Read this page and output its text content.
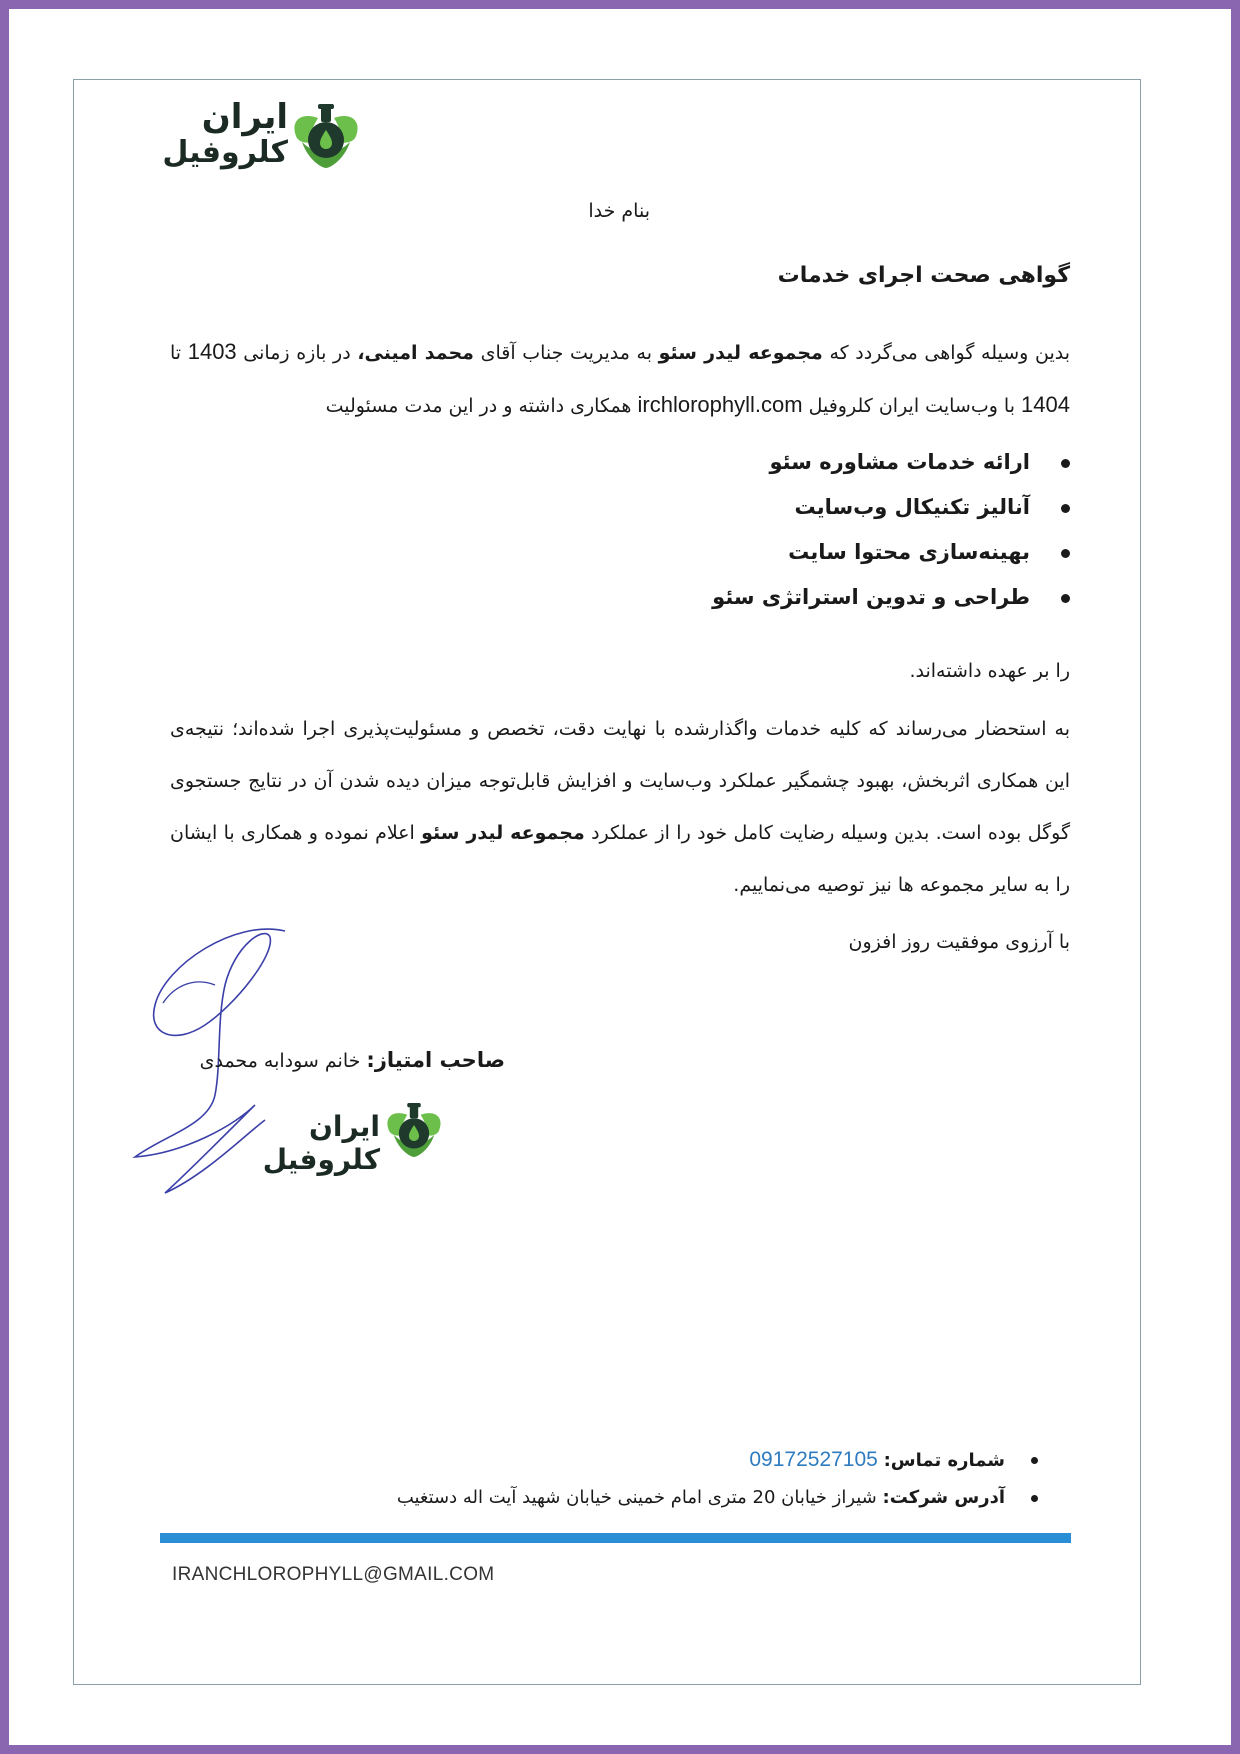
ایران
کلروفیل
بنام خدا
گواهی صحت اجرای خدمات
بدین وسیله گواهی می‌گردد که مجموعه لیدر سئو به مدیریت جناب آقای محمد امینی، در بازه زمانی 1403 تا 1404 با وب‌سایت ایران کلروفیل irchlorophyll.com همکاری داشته و در این مدت مسئولیت
ارائه خدمات مشاوره سئو
آنالیز تکنیکال وب‌سایت
بهینه‌سازی محتوا سایت
طراحی و تدوین استراتژی سئو
را بر عهده داشته‌اند.
به استحضار می‌رساند که کلیه خدمات واگذارشده با نهایت دقت، تخصص و مسئولیت‌پذیری اجرا شده‌اند؛ نتیجه‌ی این همکاری اثربخش، بهبود چشمگیر عملکرد وب‌سایت و افزایش قابل‌توجه میزان دیده شدن آن در نتایج جستجوی گوگل بوده است. بدین وسیله رضایت کامل خود را از عملکرد مجموعه لیدر سئو اعلام نموده و همکاری با ایشان را به سایر مجموعه ها نیز توصیه می‌نماییم.
با آرزوی موفقیت روز افزون
صاحب امتیاز: خانم سودابه محمدی
ایران کلروفیل
شماره تماس: 09172527105
آدرس شرکت: شیراز خیابان 20 متری امام خمینی خیابان شهید آیت اله دستغیب
IRANCHLOROPHYLL@GMAIL.COM
